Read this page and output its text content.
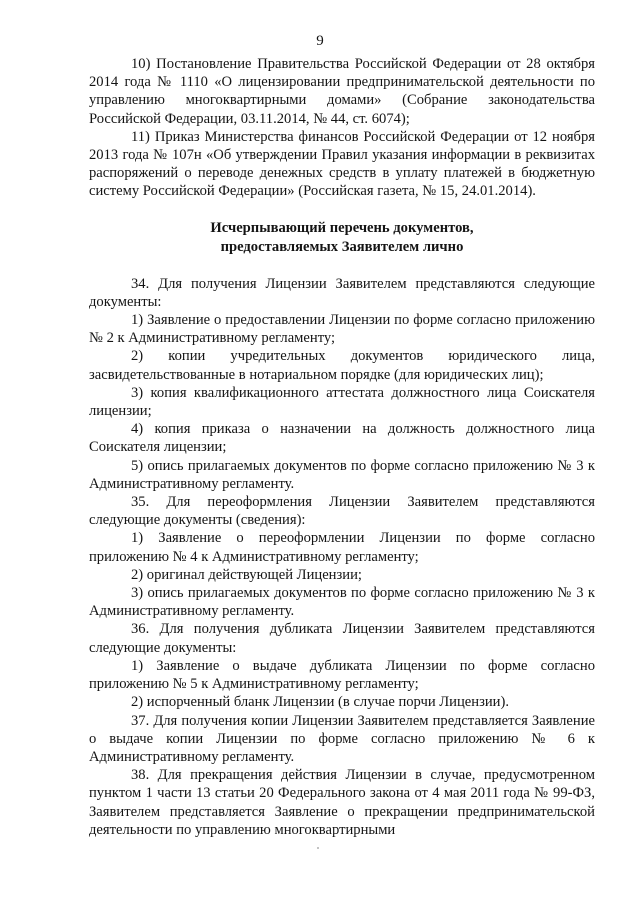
9

10) Постановление Правительства Российской Федерации от 28 октября 2014 года № 1110 «О лицензировании предпринимательской деятельности по управлению многоквартирными домами» (Собрание законодательства Российской Федерации, 03.11.2014, № 44, ст. 6074);

11) Приказ Министерства финансов Российской Федерации от 12 ноября 2013 года № 107н «Об утверждении Правил указания информации в реквизитах распоряжений о переводе денежных средств в уплату платежей в бюджетную систему Российской Федерации» (Российская газета, № 15, 24.01.2014).

Исчерпывающий перечень документов,
предоставляемых Заявителем лично

34. Для получения Лицензии Заявителем представляются следующие документы:

1) Заявление о предоставлении Лицензии по форме согласно приложению № 2 к Административному регламенту;

2) копии учредительных документов юридического лица, засвидетельствованные в нотариальном порядке (для юридических лиц);

3) копия квалификационного аттестата должностного лица Соискателя лицензии;

4) копия приказа о назначении на должность должностного лица Соискателя лицензии;

5) опись прилагаемых документов по форме согласно приложению № 3 к Административному регламенту.

35. Для переоформления Лицензии Заявителем представляются следующие документы (сведения):

1) Заявление о переоформлении Лицензии по форме согласно приложению № 4 к Административному регламенту;

2) оригинал действующей Лицензии;

3) опись прилагаемых документов по форме согласно приложению № 3 к Административному регламенту.

36. Для получения дубликата Лицензии Заявителем представляются следующие документы:

1) Заявление о выдаче дубликата Лицензии по форме согласно приложению № 5 к Административному регламенту;

2) испорченный бланк Лицензии (в случае порчи Лицензии).

37. Для получения копии Лицензии Заявителем представляется Заявление о выдаче копии Лицензии по форме согласно приложению № 6 к Административному регламенту.

38. Для прекращения действия Лицензии в случае, предусмотренном пунктом 1 части 13 статьи 20 Федерального закона от 4 мая 2011 года № 99-ФЗ, Заявителем представляется Заявление о прекращении предпринимательской деятельности по управлению многоквартирными
